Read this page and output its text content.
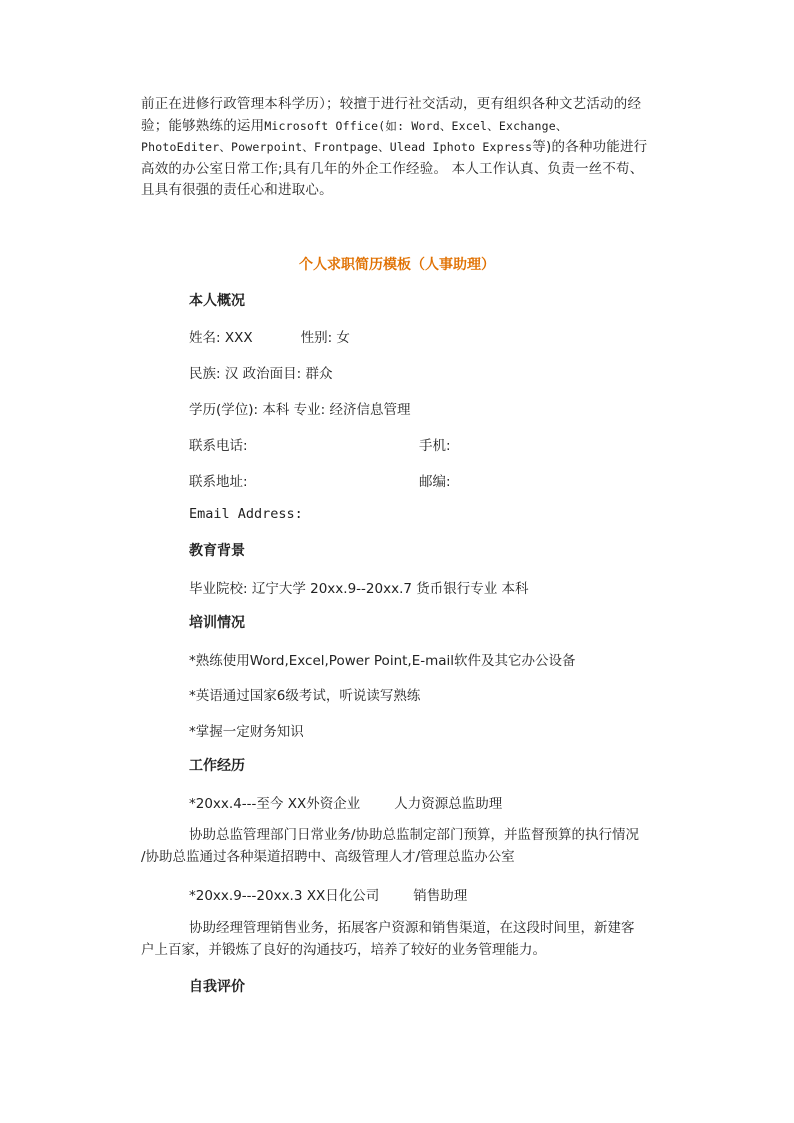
前正在进修行政管理本科学历）；较擅于进行社交活动，更有组织各种文艺活动的经
验；能够熟练的运用Microsoft Office(如: Word、Excel、Exchange、
PhotoEditer、Powerpoint、Frontpage、Ulead Iphoto Express等)的各种功能进行
高效的办公室日常工作;具有几年的外企工作经验。 本人工作认真、负责一丝不苟、
且具有很强的责任心和进取心。
个人求职简历模板（人事助理）
本人概况
姓名: XXX	性别: 女
民族: 汉 政治面目: 群众
学历(学位): 本科 专业: 经济信息管理
联系电话:	手机:
联系地址:	邮编:
Email Address:
教育背景
毕业院校: 辽宁大学 20xx.9--20xx.7 货币银行专业 本科
培训情况
*熟练使用Word,Excel,Power Point,E-mail软件及其它办公设备
*英语通过国家6级考试，听说读写熟练
*掌握一定财务知识
工作经历
*20xx.4---至今 XX外资企业	人力资源总监助理
协助总监管理部门日常业务/协助总监制定部门预算，并监督预算的执行情况
/协助总监通过各种渠道招聘中、高级管理人才/管理总监办公室
*20xx.9---20xx.3 XX日化公司	销售助理
协助经理管理销售业务，拓展客户资源和销售渠道，在这段时间里，新建客
户上百家，并锻炼了良好的沟通技巧，培养了较好的业务管理能力。
自我评价
